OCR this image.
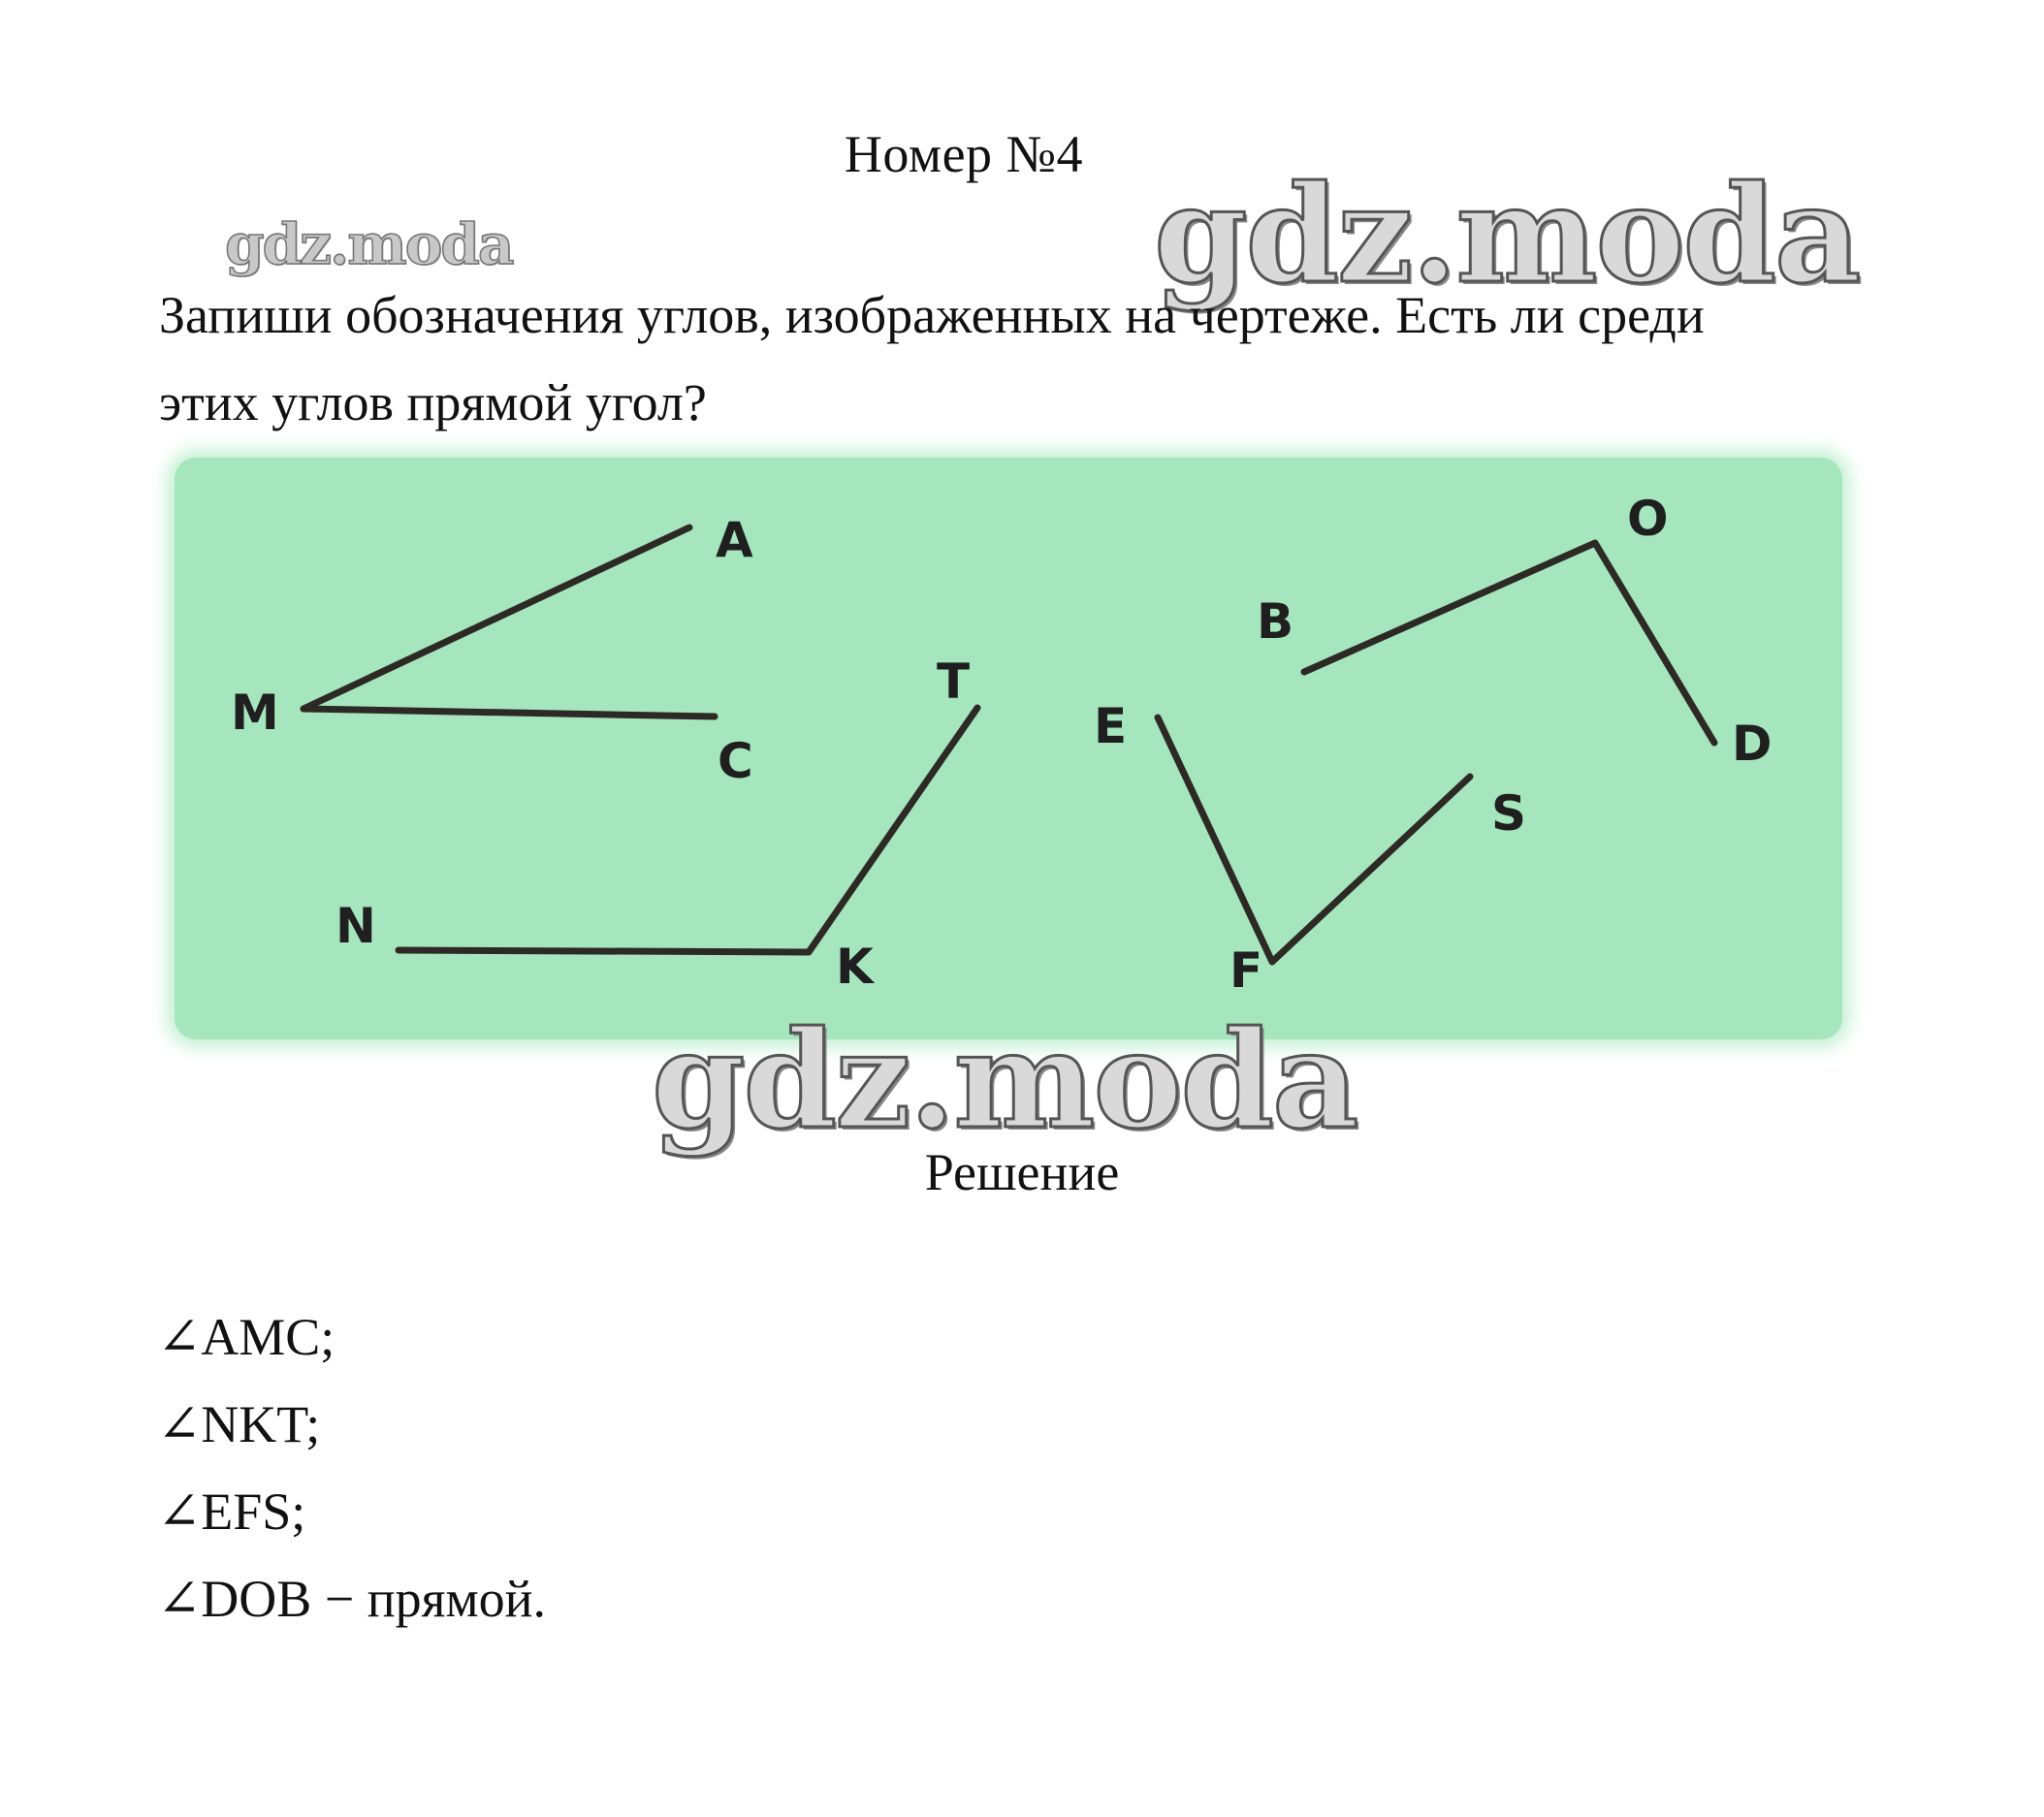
Номер №4
gdz.moda	gdz.moda

Запиши обозначения углов, изображенных на чертеже. Есть ли среди

этих углов прямой угол?

A
M
C
T
N
K
E
F
S
B
O
D
gdz.moda
Решение
∠AMC;
∠NKT;
∠EFS;
∠DOB − прямой.
